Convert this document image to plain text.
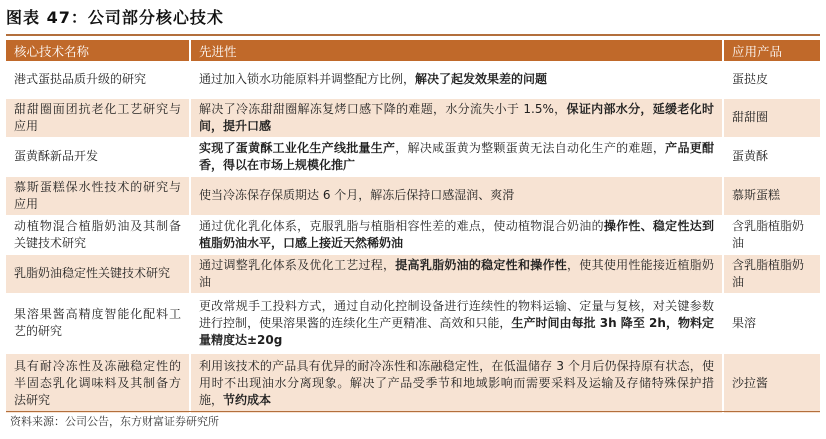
图表 47：公司部分核心技术
核心技术名称	先进性	应用产品
港式蛋挞品质升级的研究	通过加入锁水功能原料并调整配方比例，解决了起发效果差的问题	蛋挞皮
甜甜圈面团抗老化工艺研究与应用	解决了冷冻甜甜圈解冻复烤口感下降的难题，水分流失小于 1.5%，保证内部水分，延缓老化时间，提升口感	甜甜圈
蛋黄酥新品开发	实现了蛋黄酥工业化生产线批量生产，解决咸蛋黄为整颗蛋黄无法自动化生产的难题，产品更酣香，得以在市场上规模化推广	蛋黄酥
慕斯蛋糕保水性技术的研究与应用	使当冷冻保存保质期达 6 个月，解冻后保持口感湿润、爽滑	慕斯蛋糕
动植物混合植脂奶油及其制备关键技术研究	通过优化乳化体系，克服乳脂与植脂相容性差的难点，使动植物混合奶油的操作性、稳定性达到植脂奶油水平，口感上接近天然稀奶油	含乳脂植脂奶油
乳脂奶油稳定性关键技术研究	通过调整乳化体系及优化工艺过程，提高乳脂奶油的稳定性和操作性，使其使用性能接近植脂奶油	含乳脂植脂奶油
果溶果酱高精度智能化配料工艺的研究	更改常规手工投料方式，通过自动化控制设备进行连续性的物料运输、定量与复核，对关键参数进行控制，使果溶果酱的连续化生产更精准、高效和只能，生产时间由每批 3h 降至 2h，物料定量精度达±20g	果溶
具有耐冷冻性及冻融稳定性的半固态乳化调味料及其制备方法研究	利用该技术的产品具有优异的耐冷冻性和冻融稳定性，在低温储存 3 个月后仍保持原有状态，使用时不出现油水分离现象。解决了产品受季节和地域影响而需要采料及运输及存储特殊保护措施，节约成本	沙拉酱
资料来源：公司公告，东方财富证券研究所
